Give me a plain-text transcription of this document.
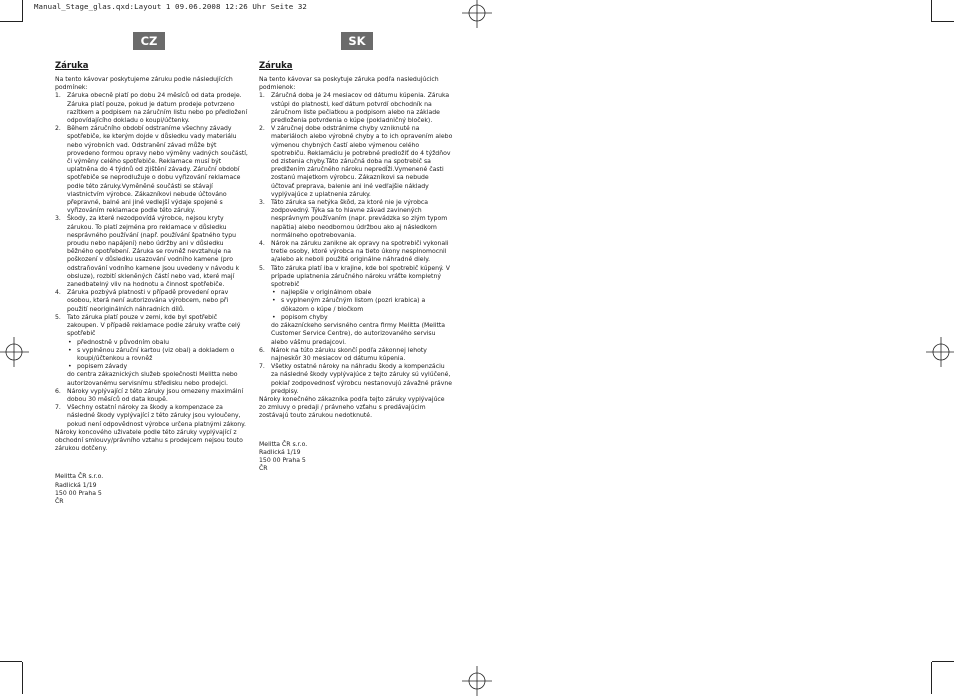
Manual_Stage_glas.qxd:Layout 1 09.06.2008 12:26 Uhr Seite 32
CZ	SK
Záruka

Na tento kávovar poskytujeme záruku podle následujících podmínek:

1. Záruka obecně platí po dobu 24 měsíců od data prodeje. Záruka platí pouze, pokud je datum prodeje potvrzeno razítkem a podpisem na záručním listu nebo po předložení odpovídajícího dokladu o koupi/účtenky.
2. Během záručního období odstraníme všechny závady spotřebiče, ke kterým dojde v důsledku vady materiálu nebo výrobních vad. Odstranění závad může být provedeno formou opravy nebo výměny vadných součástí, či výměny celého spotřebiče. Reklamace musí být uplatněna do 4 týdnů od zjištění závady. Záruční období spotřebiče se neprodlužuje o dobu vyřizování reklamace podle této záruky.Vyměněné součásti se stávají vlastnictvím výrobce. Zákazníkovi nebude účtováno přepravné, balné ani jiné vedlejší výdaje spojené s vyřizováním reklamace podle této záruky.
3. Škody, za které nezodpovídá výrobce, nejsou kryty zárukou. To platí zejména pro reklamace v důsledku nesprávného používání (např. používání špatného typu proudu nebo napájení) nebo údržby ani v důsledku běžného opotřebení. Záruka se rovněž nevztahuje na poškození v důsledku usazování vodního kamene (pro odstraňování vodního kamene jsou uvedeny v návodu k obsluze), rozbití skleněných částí nebo vad, které mají zanedbatelný vliv na hodnotu a činnost spotřebiče.
4. Záruka pozbývá platnosti v případě provedení oprav osobou, která není autorizována výrobcem, nebo při použití neoriginálních náhradních dílů.
5. Tato záruka platí pouze v zemi, kde byl spotřebič zakoupen. V případě reklamace podle záruky vraťte celý spotřebič
• přednostně v původním obalu
• s vyplněnou záruční kartou (viz obal) a dokladem o koupi/účtenkou a rovněž
• popisem závady
do centra zákaznických služeb společnosti Melitta nebo autorizovanému servisnímu středisku nebo prodejci.
6. Nároky vyplývající z této záruky jsou omezeny maximální dobou 30 měsíců od data koupě.
7. Všechny ostatní nároky za škody a kompenzace za následné škody vyplývající z této záruky jsou vyloučeny, pokud není odpovědnost výrobce určena platnými zákony.

Nároky koncového uživatele podle této záruky vyplývající z obchodní smlouvy/právního vztahu s prodejcem nejsou touto zárukou dotčeny.

Melitta ČR s.r.o.
Radlická 1/19
150 00 Praha 5
ČR

Záruka

Na tento kávovar sa poskytuje záruka podľa nasledujúcich podmienok:

1. Záručná doba je 24 mesiacov od dátumu kúpenia. Záruka vstúpi do platnosti, keď dátum potvrdí obchodník na záručnom liste pečiatkou a podpisom alebo na základe predloženia potvrdenia o kúpe (pokladničný bloček).
2. V záručnej dobe odstránime chyby vzniknuté na materiáloch alebo výrobné chyby a to ich opravením alebo výmenou chybných častí alebo výmenou celého spotrebiču. Reklamáciu je potrebné predložiť do 4 týždňov od zistenia chyby.Táto záručná doba na spotrebič sa predlžením záručného nároku nepredĺži.Vymenené časti zostanú majetkom výrobcu. Zákazníkovi sa nebude účtovať preprava, balenie ani iné vedľajšie náklady vyplývajúce z uplatnenia záruky.
3. Táto záruka sa netýka škôd, za ktoré nie je výrobca zodpovedný. Týka sa to hlavne závad zavinených nesprávnym používaním (napr. prevádzka so zlým typom napätia) alebo neodbornou údržbou ako aj následkom normálneho opotrebovania.
4. Nárok na záruku zaniknе ak opravy na spotrebiči vykonali tretie osoby, ktoré výrobca na tieto úkony nesplnomocnil a/alebo ak neboli použité originálne náhradné diely.
5. Táto záruka platí iba v krajine, kde bol spotrebič kúpený. V prípade uplatnenia záručného nároku vráťte kompletný spotrebič
• najlepšie v originálnom obale
• s vyplneným záručným listom (pozri krabica) a dôkazom o kúpe / bločkom
• popisom chyby
do zákazníckeho servisného centra firmy Melitta (Melitta Customer Service Centre), do autorizovaného servisu alebo vášmu predajcovi.
6. Nárok na túto záruku skončí podľa zákonnej lehoty najneskôr 30 mesiacov od dátumu kúpenia.
7. Všetky ostatné nároky na náhradu škody a kompenzáciu za následné škody vyplývajúce z tejto záruky sú vylúčené, pokiaľ zodpovednosť výrobcu nestanovujú závažné právne predpisy.

Nároky konečného zákazníka podľa tejto záruky vyplývajúce zo zmluvy o predaji / právneho vzťahu s predávajúcim zostávajú touto zárukou nedotknuté.

Melitta ČR s.r.o.
Radlická 1/19
150 00 Praha 5
ČR
